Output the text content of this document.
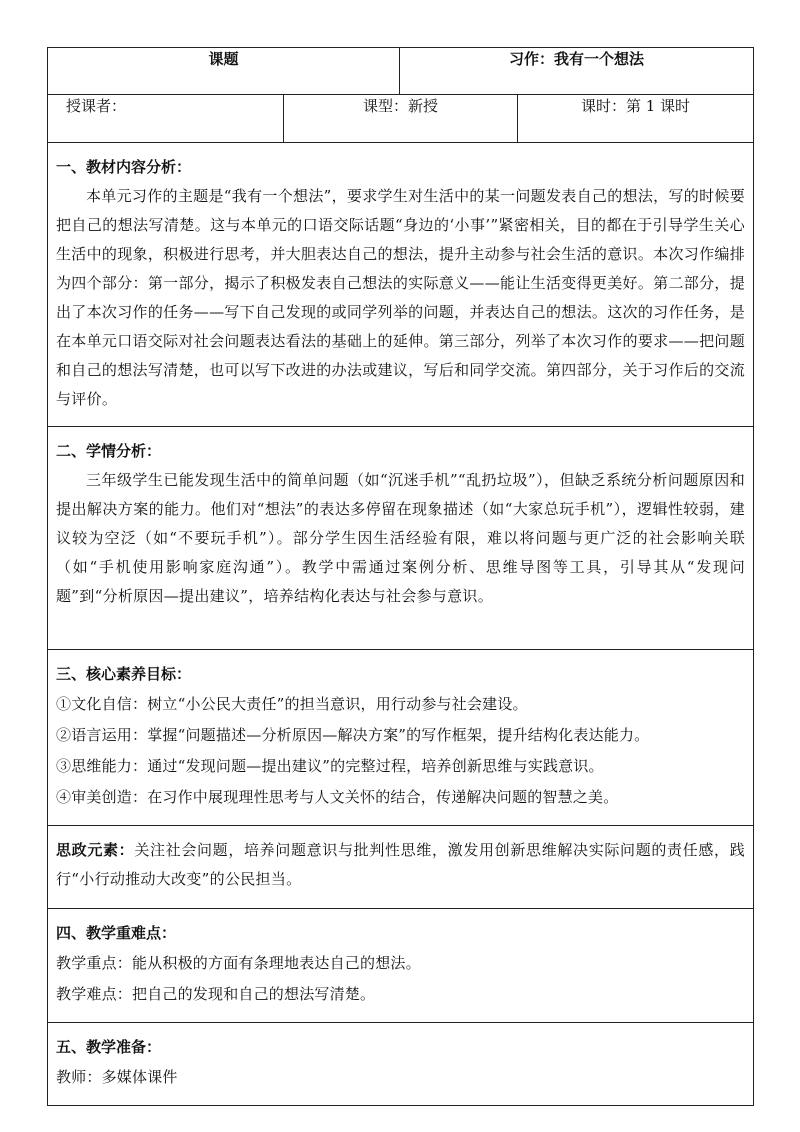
课题		习作：我有一个想法	
授课者：	课型：新授		课时：第 1 课时

一、教材内容分析：

本单元习作的主题是“我有一个想法”，要求学生对生活中的某一问题发表自己的想法，写的时候要把自己的想法写清楚。这与本单元的口语交际话题“身边的‘小事’”紧密相关，目的都在于引导学生关心生活中的现象，积极进行思考，并大胆表达自己的想法，提升主动参与社会生活的意识。本次习作编排为四个部分：第一部分，揭示了积极发表自己想法的实际意义——能让生活变得更美好。第二部分，提出了本次习作的任务——写下自己发现的或同学列举的问题，并表达自己的想法。这次的习作任务，是在本单元口语交际对社会问题表达看法的基础上的延伸。第三部分，列举了本次习作的要求——把问题和自己的想法写清楚，也可以写下改进的办法或建议，写后和同学交流。第四部分，关于习作后的交流与评价。			

二、学情分析：

三年级学生已能发现生活中的简单问题（如“沉迷手机”“乱扔垃圾”），但缺乏系统分析问题原因和提出解决方案的能力。他们对“想法”的表达多停留在现象描述（如“大家总玩手机”），逻辑性较弱，建议较为空泛（如“不要玩手机”）。部分学生因生活经验有限，难以将问题与更广泛的社会影响关联（如“手机使用影响家庭沟通”）。教学中需通过案例分析、思维导图等工具，引导其从“发现问题”到“分析原因—提出建议”，培养结构化表达与社会参与意识。			

三、核心素养目标：

①文化自信：树立“小公民大责任”的担当意识，用行动参与社会建设。

②语言运用：掌握“问题描述—分析原因—解决方案”的写作框架，提升结构化表达能力。

③思维能力：通过“发现问题—提出建议”的完整过程，培养创新思维与实践意识。

④审美创造：在习作中展现理性思考与人文关怀的结合，传递解决问题的智慧之美。			

思政元素：关注社会问题，培养问题意识与批判性思维，激发用创新思维解决实际问题的责任感，践行“小行动推动大改变”的公民担当。			

四、教学重难点：

教学重点：能从积极的方面有条理地表达自己的想法。

教学难点：把自己的发现和自己的想法写清楚。			

五、教学准备：

教师：多媒体课件			
